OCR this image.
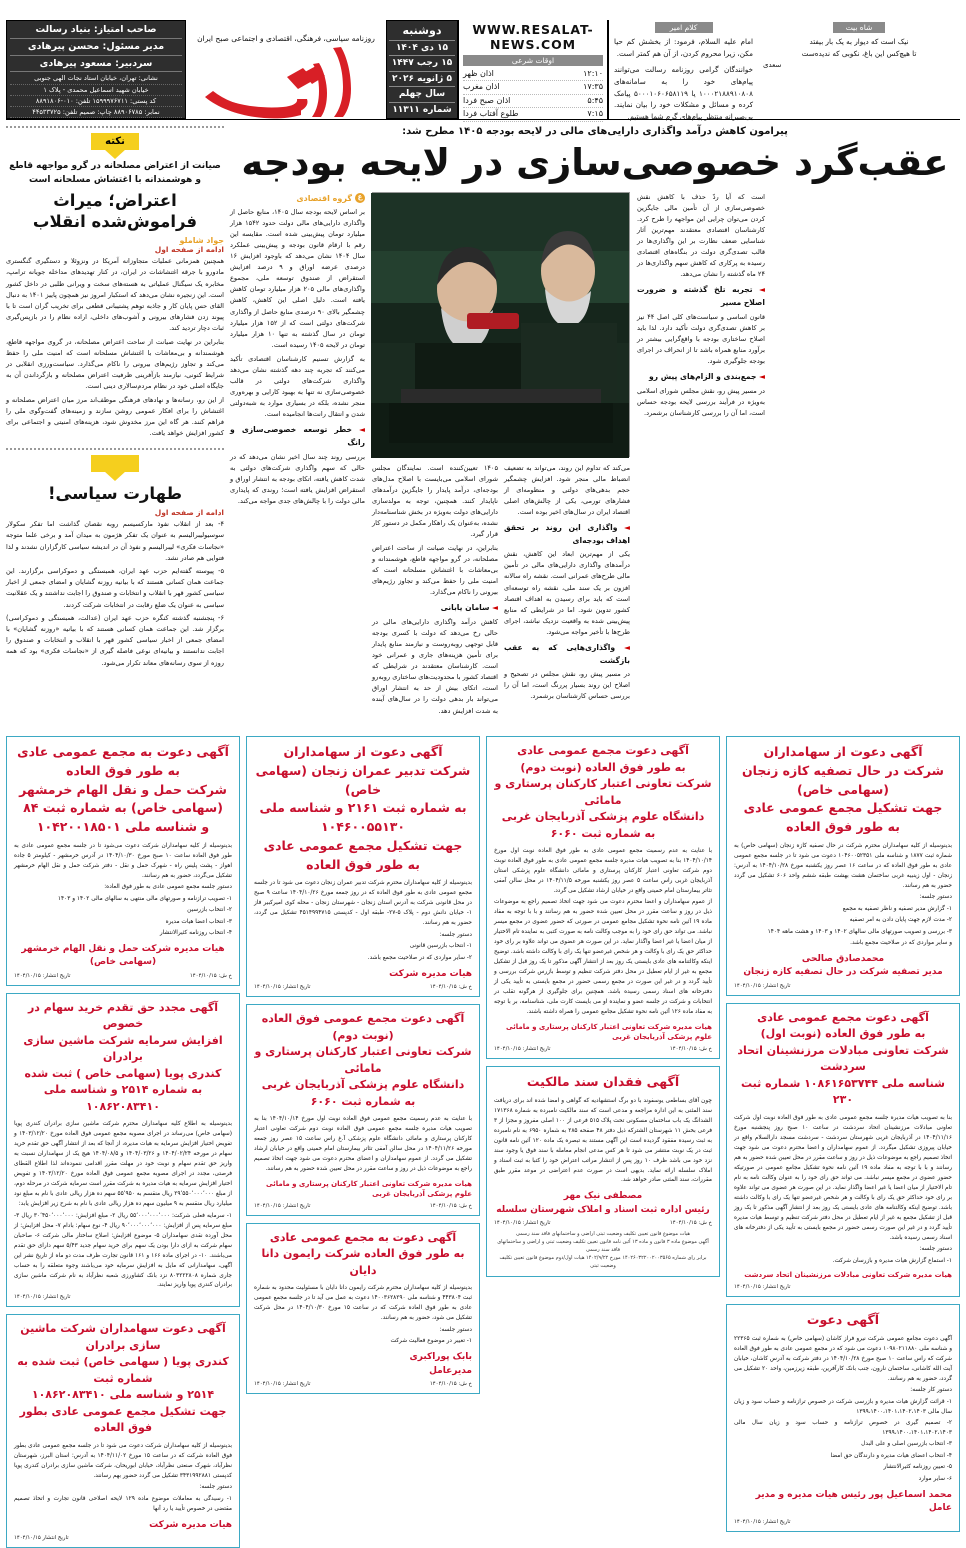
صاحب امتیاز: بنیاد رسالت
مدیر مسئول: محسن پیرهادی
سردبیر: مسعود پیرهادی
نشانی: تهران، خیابان استاد نجات الهی جنوبی
خیابان شهید اسماعیل محمدی - پلاک ۱
کد پستی: ۱۵۹۹۹۷۶۷۱۱ تلفن: ۰۱۰-۸۸۹۱۸۰۶
نمابر: ۸۸۹۰۶۷۸۵ چاپ: صمیم تلفن: ۴۴۵۳۳۷۲۵
روزنامه سیاسی، فرهنگی، اقتصادی و اجتماعی صبح ایران
دوشنبه
۱۵ دی ۱۴۰۴
۱۵ رجب ۱۴۴۷
۵ ژانویه ۲۰۲۶
سال چهلم
شماره ۱۱۳۱۱
WWW.RESALAT-NEWS.COM
اوقات شرعی
۱۲:۱۰
اذان ظهر
۱۷:۳۵
اذان مغرب
۵:۴۵
اذان صبح فردا
۷:۱۵
طلوع آفتاب فردا
کلام امیر

امام علیه السلام، فرمود: از بخشش کم حیا مکن، زیرا محروم کردن، از آن هم کمتر است.

خوانندگان گرامی روزنامه رسالت می‌توانند پیام‌های خود را به سامانه‌های ۱۰۰۰۲۱۸۸۹۱۰۸۰۸ یا ۵۰۰۰۱۰۶۰۶۵۸۱۱۹ پیامک کرده و مسائل و مشکلات خود را بیان نمایند. بی‌صبرانه منتظر پیام‌های گرم شما هستیم.

شاه بیت

نیک است که دیوار به یک بار بیفتد

تا هیچ‌کس این باغ، نکوبی که ندیده‌ست

سعدی
نکته
صیانت از اعتراض مصلحانه در گرو مواجهه قاطع و هوشمندانه با اغتشاش مسلحانه است
اعتراض؛ میراث فراموش‌شده انقلاب
جواد شاملو
ادامه از صفحه اول

همچنین همزمانی عملیات متجاوزانه آمریکا در ونزوئلا و دستگیری گنگستری مادورو با جرقه اغتشاشات در ایران، در کنار تهدیدهای مداخله جویانه ترامپ، مخابره یک سیگنال عملیاتی به هسته‌های سخت و ویرانی طلبی در داخل کشور است. این زنجیره نشان می‌دهد که استکبار امروز نیز همچون پاییز ۱۴۰۱ به دنبال القای حس پایان کار و جاذبه توهم پشتیبانی قطعی برای تخریب گران است تا با پیوند زدن فشارهای بیرونی و آشوب‌های داخلی، اراده نظام را در بازپس‌گیری ثبات دچار تردید کند.

بنابراین در نهایت صیانت از ساحت اعتراض مصلحانه، در گروی مواجهه قاطع، هوشمندانه و بی‌معاشات با اغتشاش مسلحانه است که امنیت ملی را حفظ می‌کند و تجاوز رژیم‌های بیرونی را ناکام می‌گذارد. سیاست‌ورزی انقلابی در شرایط کنونی، نیازمند بازآفرینی ظرفیت اعتراض مصلحانه و بازگرداندن آن به جایگاه اصلی خود در نظام مردم‌سالاری دینی است.

از این رو، رسانه‌ها و نهادهای فرهنگی موظف‌اند مرز میان اعتراض مصلحانه و اغتشاش را برای افکار عمومی روشن سازند و زمینه‌های گفت‌وگوی ملی را فراهم کنند. هر گاه این مرز مخدوش شود، هزینه‌های امنیتی و اجتماعی برای کشور افزایش خواهد یافت.

طهارت سیاسی!
ادامه از صفحه اول

۴- بعد از انقلاب نفوذ مارکسیسم روبه نقصان گذاشت اما تفکر سکولار سوسیولیبرالیسم به عنوان یک تفکر هژمون به میدان آمد و برخی علما متوجه «نجاسات فکری» لیبرالیسم و نفوذ آن در اندیشه سیاسی کارگزاران نشدند و لذا فتوایی هم صادر نشد.

۵- پیوسته گفته‌ایم حزب عهد ایران، همبستگی و دموکراسی برگزارند. این جماعت همان کسانی هستند که با بیانیه روزنه گشایان و امضای جمعی از اخبار سیاسی کشور قهر با انقلاب و انتخابات و صندوق را اجابت نداشتند و یک عقلانیت سیاسی به عنوان یک ضلع رقابت در انتخابات شرکت کردند.

۶- پنجشنبه گذشته کنگره حزب عهد ایران (عدالت، همبستگی و دموکراسی) برگزار شد. این جماعت همان کسانی هستند که با بیانیه «روزنه گشایان» با امضای جمعی از اخبار سیاسی کشور قهر با انقلاب و انتخابات و صندوق را اجابت ندانستند و بیانیه‌ای نوعی فاصله گیری از «نجاسات فکری» بود که همه روزه از سوی رسانه‌های معاند تکرار می‌شود.

پیرامون کاهش درآمد واگذاری دارایی‌های مالی در لایحه بودجه ۱۴۰۵ مطرح شد:
عقب‌گرد خصوصی‌سازی در لایحه بودجه
ع
گروه اقتصادی

بر اساس لایحه بودجه سال ۱۴۰۵، منابع حاصل از واگذاری دارایی‌های مالی دولت حدود ۱۵۴۲ هزار میلیارد تومان پیش‌بینی شده است. مقایسه این رقم با ارقام قانون بودجه و پیش‌بینی عملکرد سال ۱۴۰۴ نشان می‌دهد که باوجود افزایش ۱۶ درصدی عرضه اوراق و ۹ درصد افزایش استقراض از صندوق توسعه ملی، مجموع واگذاری‌های مالی ۲۰۵ هزار میلیارد تومان کاهش یافته است. دلیل اصلی این کاهش، کاهش چشمگیر بالای ۹۰ درصدی منابع حاصل از واگذاری شرکت‌های دولتی است که از ۱۵۲ هزار میلیارد تومان در سال گذشته به تنها ۱۰ هزار میلیارد تومان در لایحه ۱۴۰۵ رسیده است.

به گزارش تسنیم کارشناسان اقتصادی تأکید می‌کنند که تجربه چند دهه گذشته نشان می‌دهد واگذاری شرکت‌های دولتی در قالب خصوصی‌سازی نه تنها به بهبود کارایی و بهره‌وری منجر نشده، بلکه در بسیاری موارد به شبه‌دولتی شدن و انتقال رانت‌ها انجامیده است.

◄ خطر توسعه خصوصی‌سازی و رانگ

بررسی روند چند سال اخیر نشان می‌دهد که در حالی که سهم واگذاری شرکت‌های دولتی به شدت کاهش یافته، اتکای بودجه به انتشار اوراق و استقراض افزایش یافته است؛ روندی که پایداری مالی دولت را با چالش‌های جدی مواجه می‌کند.

۱۴۰۵ تعیین‌کننده است. نمایندگان مجلس شورای اسلامی می‌بایست با اصلاح مدل‌های بودجه‌ای، درآمد پایدار را جایگزین درآمدهای ناپایدار کنند. همچنین، توجه به مولدسازی دارایی‌های دولت به‌ویژه در بخش شناسنامه‌دار نشده، به‌عنوان یک راهکار مکمل در دستور کار قرار گیرد.

بنابراین، در نهایت صیانت از ساحت اعتراض مصلحانه، در گرو مواجهه قاطع، هوشمندانه و بی‌معاشات با اغتشاش مسلحانه است که امنیت ملی را حفظ می‌کند و تجاوز رژیم‌های بیرونی را ناکام می‌گذارد.

◄ سامان یابانی

کاهش درآمد واگذاری دارایی‌های مالی در حالی رخ می‌دهد که دولت با کسری بودجه قابل توجهی روبه‌روست و نیازمند منابع پایدار برای تأمین هزینه‌های جاری و عمرانی خود است. کارشناسان معتقدند در شرایطی که اقتصاد کشور با محدودیت‌های ساختاری روبه‌رو است، اتکای بیش از حد به انتشار اوراق می‌تواند بار بدهی دولت را در سال‌های آینده به شدت افزایش دهد.

می‌کند که تداوم این روند، می‌تواند به تضعیف انضباط مالی منجر شود. افزایش چشمگیر حجم بدهی‌های دولتی و منظومه‌ای از فشارهای تورمی، یکی از چالش‌های اصلی اقتصاد ایران در سال‌های اخیر بوده است.

◄ واگذاری این روند بر تحقق اهداف بودجه‌ای

یکی از مهم‌ترین ابعاد این کاهش، نقش درآمدهای واگذاری دارایی‌های مالی در تأمین مالی طرح‌های عمرانی است. نقشه راه سالانه افزون بر یک سند ملی، نقشه راه توسعه‌ای است که باید برای رسیدن به اهداف اقتصاد کشور تدوین شود. اما در شرایطی که منابع پیش‌بینی شده به واقعیت نزدیک نباشد، اجرای طرح‌ها با تأخیر مواجه می‌شود.

◄ واگذاری‌هایی که به عقب بازگشت

در مسیر پیش رو، نقش مجلس در تصحیح و اصلاح این روند بسیار پررنگ است، اما آن را بررسی حساس کارشناسان برشمرد.

است که آیا ردّ حذف با کاهش نقش خصوصی‌سازی از آن تأمین مالی جایگزین کردن می‌توان چرایی این مواجهه را طرح کرد. کارشناسان اقتصادی معتقدند مهم‌ترین آثار شناسایی ضعف نظارت بر این واگذاری‌ها در قالب تصدی‌گری دولت در بنگاه‌های اقتصادی رسیده به پرکاری که کاهش سهم واگذاری‌ها در ۲۴ ماه گذشته را نشان می‌دهد.

◄ تجربه تلخ گذشته و ضرورت اصلاح مسیر

قانون اساسی و سیاست‌های کلی اصل ۴۴ نیز بر کاهش تصدی‌گری دولت تأکید دارد. لذا باید اصلاح ساختاری بودجه با واقع‌گرایی بیشتر در برآورد منابع همراه باشد تا از انحراف در اجرای بودجه جلوگیری شود.

◄ جمع‌بندی و الزام‌های پیش رو

در مسیر پیش رو، نقش مجلس شورای اسلامی به‌ویژه در فرآیند بررسی لایحه بودجه حساس است، اما آن را بررسی کارشناسان برشمرد.

آگهی دعوت به مجمع عمومی عادی
به طور فوق العاده
شرکت حمل و نقل الهام خرمشهر
(سهامی خاص) به شماره ثبت ۸۴
و شناسه ملی ۱۰۴۲۰۰۱۸۵۰۱

بدینوسیله از کلیه سهامداران شرکت دعوت می‌شود تا در جلسه مجمع عمومی عادی به طور فوق العاده ساعت ۱۰ صبح مورخ ۱۴۰۴/۱۰/۳۰ در آدرس خرمشهر - کیلومتر ۵ جاده اهواز - پشت پلیس راه - شهرک حمل و نقل - دفتر شرکت حمل و نقل الهام خرمشهر تشکیل می‌گردد، حضور به هم رسانند.

دستور جلسه مجمع عمومی عادی به طور فوق العاده:

۱- تصویب ترازنامه و صورتهای مالی منتهی به سالهای مالی ۱۴۰۲ و ۱۴۰۳

۲- انتخاب بازرسین

۳- انتخاب اعضا هیات مدیره

۴- انتخاب روزنامه کثیرالانتشار

هیات مدیره شرکت حمل و نقل الهام خرمشهر (سهامی خاص)
خ ش: ۱۴۰۴/۱۰/۱۵
تاریخ انتشار: ۱۴۰۴/۱۰/۱۵
آگهی مجدد حق تقدم خرید سهام در خصوص
افزایش سرمایه شرکت ماشین سازی برادران
کندری پویا (سهامی خاص ) ثبت شده
به شماره ۲۵۱۴ و شناسه ملی ۱۰۸۶۲۰۸۳۴۱۰

بدینوسیله به اطلاع کلیه سهامداران محترم شرکت ماشین سازی برادران کندری پویا (سهامی خاص) می‌رساند در اجرای مصوبه مجمع عمومی فوق العاده مورخ ۱۴۰۳/۱۲/۲۰ و تفویض اختیار افزایش سرمایه به هیات مدیره، از آنجا که بعد از انتشار آگهی حق تقدم خرید سهام در مورخه ۱۴۰۴/۰۲/۲۴ و ۱۴۰۴/۰۳/۲۶ و ۱۴۰۴/۰۸/۵ هیچ یک از سهامداران نسبت به واریز حق تقدم سهام و نوبت خود در مهلت مقرر اقدامی ننموده‌اند لذا اطلاع القطای فرصتی، مجدد در اجرای مصوبه مجمع عمومی فوق العاده مورخ ۱۴۰۳/۱۲/۲۰ و تفویض اختیار افزایش سرمایه به هیات مدیره به شرکت مقرر است سرمایه شرکت در مرحله دوم، از مبلغ ۲۹٬۵۵۰٬۰۰۰٬۰۰۰ ریال منقسم به ۵۵٬۹۵۰ سهم ده هزار ریالی عادی با نام به مبلغ نود میلیارد ریال منقسم به ۹ میلیون سهم ده هزار ریالی عادی با نام به شرح زیر افزایش یابد:

۱- سرمایه فعلی شرکت: ۵۵٬۰۰۰٬۰۰۰٬۰۰۰ ریال ۲- مبلغ افزایش: ۳۰٬۴۵۰٬۰۰۰٬۰۰۰ ریال ۳- مبلغ سرمایه پس از افزایش: ۹۰٬۰۰۰٬۰۰۰٬۰۰۰ ریال ۴- نوع سهام: بادام ۷- محل افزایش: از محل آورده نقدی سهامداران ۵- موضوع افزایش: اصلاح ساختار مالی شرکت ۶- صاحبان سهام شرکت به ازای دارا بودن یک سهم برای خرید سهام جدید ۵/۴۳ سهم دارای حق تقدم می‌باشند. ۱۰- در اجرای ماده ۱۶۶ و ۱۶۱ قانون تجارت ظرف مدت دو ماه از تاریخ نشر این آگهی، سهامدارانی که مایل به افزایش سرمایه خود می‌باشند وجوه متعلقه را به حساب جاری شماره ۸۰۳۲۲۲۸۰۸ نزد بانک کشاورزی شعبه نظرآباد به نام شرکت ماشین سازی برادران کندری پویا واریز نمایند.

تاریخ انتشار: ۱۴۰۴/۱۰/۱۵
آگهی دعوت سهامداران شرکت ماشین سازی برادران
کندری پویا ( سهامی خاص) ثبت شده به شماره ثبت
۲۵۱۴ و شناسه ملی ۱۰۸۶۲۰۸۳۴۱۰
جهت تشکیل مجمع عمومی عادی بطور فوق العاده

بدینوسیله از کلیه سهامداران شرکت دعوت می شود تا در جلسه مجمع عمومی عادی بطور فوق العاده شرکت که در ساعت ۱۵ مورخ ۱۴۰۴/۱۱/۰۲ به آدرس: استان البرز، شهرستان نظرآباد، شهرک صنعتی نظرآباد، خیابان ابوریحان، شرکت ماشین سازی برادران کندری پویا کدپستی ۳۴۳۱۹۹۲۸۸۱ تشکیل می گردد حضور بهم رسانند.

دستور جلسه:

۱- رسیدگی به معاملات موضوع ماده ۱۲۹ لایحه اصلاحی قانون تجارت و اتخاذ تصمیم مقتضی در خصوص تأیید یا رد آنها

هیات مدیره شرکت
تاریخ انتشار ۱۴۰۴/۱۰/۱۵
آگهی دعوت از سهامداران
شرکت تدبیر عمران زنجان (سهامی خاص)
به شماره ثبت ۲۱۶۱ و شناسه ملی
۱۰۴۶۰۰۵۵۱۳۰
جهت تشکیل مجمع عمومی عادی
به طور فوق العاده

بدینوسیله از کلیه سهامداران محترم شرکت تدبیر عمران زنجان دعوت می شود تا در جلسه مجمع عمومی عادی به طور فوق العاده که در روز جمعه مورخ ۱۴۰۴/۱۰/۲۶ ساعت ۹ صبح در محل قانونی شرکت به آدرس استان زنجان - شهرستان زنجان - محله کوی امیرکبیر فاز ۱- خیابان دانش دوم - پلاک ۵-۲۷- طبقه اول - کدپستی ۴۵۱۴۹۹۴۷۱۵ تشکیل می گردد، حضور به هم رسانند.

دستور جلسه:

۱- انتخاب بازرسین قانونی

۲- سایر مواردی که در صلاحیت مجمع باشد.

هیات مدیره شرکت
خ ش: ۱۴۰۴/۱۰/۱۵
تاریخ انتشار: ۱۴۰۴/۱۰/۱۵
آگهی دعوت مجمع عمومی فوق العاده
(نوبت دوم)
شرکت تعاونی اعتبار کارکنان پرستاری و مامائی
دانشگاه علوم پزشکی آذربایجان غربی
به شماره ثبت ۶۰۶۰

با عنایت به عدم رسمیت مجمع عمومی فوق العاده نوبت اول مورخ ۱۴۰۴/۱۰/۱۴ بنا به تصویب هیات مدیره جلسه مجمع عمومی فوق العاده نوبت دوم شرکت تعاونی اعتبار کارکنان پرستاری و مامائی دانشگاه علوم پزشکی آ.غ راس ساعت ۱۵ عصر روز جمعه مورخه ۱۴۰۴/۱۱/۲۶ در محل سالن آمفی تئاتر بیمارستان امام خمینی واقع در خیابان ارشاد تشکیل می گردد. از عموم سهامداران و اعضای محترم دعوت می شود جهت اتخاذ تصمیم راجع به موضوعات ذیل در روز و ساعت مقرر در محل تعیین شده حضور به هم رسانند.

هیات مدیره شرکت تعاونی اعتبار کارکنان پرستاری و مامائی
علوم پزشکی آذربایجان غربی
خ ش: ۱۴۰۴/۱۰/۱۵
تاریخ انتشار: ۱۴۰۴/۱۰/۱۵
آگهی دعوت به مجمع عمومی عادی
به طور فوق العاده شرکت رایمون دانا دایان

بدینوسیله از کلیه سهامداران محترم شرکت رایمون دانا دایان با مسئولیت محدود به شماره ثبت ۴۴۳۸۰۴ و شناسه ملی ۱۴۰۰۳۶۲۸۲۹۰ دعوت به عمل می آید تا در جلسه مجمع عمومی عادی به طور فوق العاده شرکت که در ساعت ۱۵ مورخ ۱۴۰۴/۱۰/۳۰ در محل شرکت تشکیل می شود، حضور به هم رسانند.

دستور جلسه:

۱- تغییر در موضوع فعالیت شرکت

بابک پوراکبری
مدیرعامل
خ ش: ۱۴۰۴/۱۰/۱۵
تاریخ انتشار: ۱۴۰۴/۱۰/۱۵
آگهی دعوت مجمع عمومی عادی
به طور فوق العاده (نوبت دوم)
شرکت تعاونی اعتبار کارکنان پرستاری و مامائی
دانشگاه علوم پزشکی آذربایجان غربی
به شماره ثبت ۶۰۶۰

با عنایت به عدم رسمیت مجمع عمومی عادی به طور فوق العاده نوبت اول مورخ ۱۴۰۴/۱۰/۱۴ بنا به تصویب هیات مدیره جلسه مجمع عمومی عادی به طور فوق العاده نوبت دوم شرکت تعاونی اعتبار کارکنان پرستاری و مامائی دانشگاه علوم پزشکی استان آذربایجان غربی راس ساعت ۵ عصر روز یکشنبه مورخه ۱۴۰۴/۱۱/۵ در محل سالن آمفی تئاتر بیمارستان امام خمینی واقع در خیابان ارشاد تشکیل می گردد.

از عموم سهامداران و اعضا محترم دعوت می شود جهت اتخاذ تصمیم راجع به موضوعات ذیل در روز و ساعت مقرر در محل تعیین شده حضور به هم رسانند و با با توجه به مفاد ماده ۱۹ آئین نامه نحوه تشکیل مجامع عمومی در صورتی که حضور عضوی در مجمع میسر نباشد. می تواند حق رای خود را به موجب وکالت نامه به صورت کتبی به نماینده تام الاختیار از میان اعضا یا غیر اعضا واگذار نماید. در این صورت هر عضوی می تواند علاوه بر رای خود حداکثر حق یک رای با وکالت و هر شخص غیرعضو تنها یک رای با وکالت داشته باشد. توضیح اینکه وکالتنامه های عادی بایستی یک روز بعد از انتشار آگهی مذکور تا یک روز قبل از تشکیل مجمع به غیر از ایام تعطیل در محل دفتر شرکت تنظیم و توسط بازرس شرکت بررسی و تأیید گردد و در غیر این صورت در مجمع رسمی حضور در مجمع بایستی به تأیید یکی از دفترخانه های اسناد رسمی رسیده باشد. همچنین برای جلوگیری از هرگونه تقلب در انتخابات و شرکت در جلسه عضو و نماینده او می بایست کارت ملی، شناسنامه، بر با توجه به مفاد ماده ۱۲۶ آئین نامه نحوه تشکیل مجامع عمومی را همراه داشته باشند.

هیات مدیره شرکت تعاونی اعتبار کارکنان پرستاری و مامائی
علوم پزشکی آذربایجان غربی
خ ش: ۱۴۰۴/۱۰/۱۵
تاریخ انتشار: ۱۴۰۴/۱۰/۱۵
آگهی فقدان سند مالکیت

چون آقای بساطعی یوسفوند با دو برگ استشهادیه که گواهی و امضا شده اند برای دریافت سند المثنی به این اداره مراجعه و مدعی است که سند مالکیت نامبرده به شماره ۱۷۱۳۶۸ الشدانگ یک باب ساختمان مسکونی تحت پلاک ۵۱۵ فرعی از ۱۰۰ اصلی مفروز و مجزا از ۳ فرعی بخش ۱۱ شهرستان الشترکه ذیل دفتر ۴۸ صفحه ۲۸۵ به شماره ۶۹۵۰ به نام نامبرده به ثبت رسیده مفقود گردیده است این آگهی مستند به تبصره یک ماده ۱۲۰ آئین نامه قانون ثبت در یک نوبت منتشر می شود تا هر کس مدعی انجام معامله با سند فوق یا وجود سند نزد خود می باشد ظرف ۱۰ روز پس از انتشار مراتب اعتراض خود را کتبا به ثبت اسناد و املاک سلسله ارائه نماید. بدیهی است در صورت عدم اعتراضی در موعد مقرر طبق مقررات، سند المثنی صادر خواهد شد.

مصطفی نیک مهر
رئیس اداره ثبت اسناد و املاک شهرستان سلسله
خ ش: ۱۴۰۴/۱۰/۱۵
تاریخ انتشار: ۱۴۰۴/۱۰/۱۵
هیات موضوع قانون تعیین تکلیف وضعیت ثبتی اراضی و ساختمانهای فاقد سند رسمی
آگهی موضوع ماده ۳ قانون و ماده ۱۳ آئین نامه قانون تعیین تکلیف وضعیت ثبتی و اراضی و ساختمانهای فاقد سند رسمی
برابر رای شماره ۱۴۰۲۶۰۳۲۲۰۰۲۰۰۳۵۶۵ مورخ ۱۴۰۲/۹/۲۲ هیات اول/دوم موضوع قانون تعیین تکلیف وضعیت ثبتی
آگهی دعوت از سهامداران
شرکت در حال تصفیه کازه زنجان
(سهامی خاص)
جهت تشکیل مجمع عمومی عادی
به طور فوق العاده

بدینوسیله از کلیه سهامداران محترم شرکت در حال تصفیه کازه زنجان (سهامی خاص) به شماره ثبت ۱۸۷۷ و شناسه ملی ۱۰۴۶۰۰۵۲۳۵۱ دعوت می شود تا در جلسه مجمع عمومی عادی به طور فوق العاده که در ساعت ۱۶ عصر روز یکشنبه مورخ ۱۴۰۴/۱۰/۲۸ به آدرس: زنجان - اول زینبیه غربی ساختمان هشت بهشت طبقه ششم واحد ۶۰۶ تشکیل می گردد حضور به هم رسانند.

دستور جلسه:

۱- گزارش مدیر تصفیه و ناظر تصفیه به مجمع

۲- مدت لازم جهت پایان دادن به امر تصفیه

۳- بررسی و تصویب صورتهای مالی سالهای ۱۴۰۲ و ۱۴۰۳ و هشت ماهه ۱۴۰۴

و سایر مواردی که در صلاحیت مجمع باشد.

محمدصادق صالحی
مدیر تصفیه شرکت در حال تصفیه کازه زنجان
تاریخ انتشار: ۱۴۰۴/۱۰/۱۵
آگهی دعوت مجمع عمومی عادی
به طور فوق العاده (نوبت اول)
شرکت تعاونی مبادلات مرزنشینان اتحاد سردشت
شناسه ملی ۱۰۸۶۱۶۵۳۷۴۴ شماره ثبت ۲۳۰

بنا به تصویب هیات مدیره جلسه مجمع عمومی عادی به طور فوق العاده نوبت اول شرکت تعاونی مبادلات مرزنشینان اتحاد سردشت در ساعت ۱۰ صبح روز پنجشنبه مورخ ۱۴۰۴/۱۱/۱۶ در آذربایجان غربی شهرستان سردشت - سردشت مسجد دارالسلام واقع در خیابان پیروزی تشکیل میگردد. از عموم سهامداران و اعضا محترم دعوت می شود جهت اتخاذ تصمیم راجع به موضوعات ذیل در روز و ساعت مقرر در محل تعیین شده حضور به هم رسانند و با با توجه به مفاد ماده ۱۹ آئین نامه نحوه تشکیل مجامع عمومی در صورتیکه حضور عضوی در مجمع میسر نباشد. می تواند حق رای خود را به عنوان وکالت نامه به نام تام الاختیار از میان اعضا یا غیر اعضا واگذار نماید. در این صورت هر عضوی می تواند علاوه بر رای خود حداکثر حق یک رای با وکالت و هر شخص غیرعضو تنها یک رای با وکالت داشته باشد. توضیح اینکه وکالتنامه های عادی بایستی یک روز بعد از انتشار آگهی مذکور تا یک روز قبل از تشکیل مجمع به غیر از ایام تعطیل در محل دفتر شرکت تنظیم و توسط هیات مدیره تأیید گردد و در غیر این صورت رسمی حضور در مجمع بایستی به تأیید یکی از دفترخانه های اسناد رسمی رسیده باشد.

دستور جلسه:

۱- استماع گزارش هیات مدیره و بازرسان شرکت.

هیات مدیره شرکت تعاونی مبادلات مرزنشینان اتحاد سردشت
تاریخ انتشار: ۱۴۰۴/۱۰/۱۵
آگهی دعوت

آگهی دعوت مجامع عمومی شرکت نیرو فراز کاشان (سهامی خاص) به شماره ثبت ۲۲۳۶۵ و شناسه ملی ۱۰۹۸۰۲۱۱۸۸۰ دعوت می شود که در مجمع عمومی عادی به طور فوق العاده شرکت که راس ساعت ۱۰ صبح مورخ ۱۴۰۴/۱۰/۲۸ در دفتر شرکت به آدرس کاشان، خیابان آیت الله کاشانی، ساختمان نارون، جنب بانک کارآفرین، طبقه زیرزمین، واحد ۲۰ تشکیل می گردد، حضور به هم رسانند.

دستور کار جلسه:

۱- قرائت گزارش هیات مدیره و بازرسی شرکت در خصوص ترازنامه و حساب سود و زیان سال مالی ۱۳۹۹،۱۴۰۰،۱۴۰۱،۱۴۰۲،۱۴۰۳

۲- تصمیم گیری در خصوص ترازنامه و حساب سود و زیان سال مالی ۱۳۹۹،۱۴۰۰،۱۴۰۱،۱۴۰۲،۱۴۰۳

۳- انتخاب بازرسین اصلی و علی البدل

۴- انتخاب اعضای هیات مدیره و دارندگان حق امضا

۵- تعیین روزنامه کثیرالانتشار

۶- سایر موارد

محمد اسماعیل پور رئیس هیات مدیره و مدیر عامل
تاریخ انتشار: ۱۴۰۴/۱۰/۱۵
